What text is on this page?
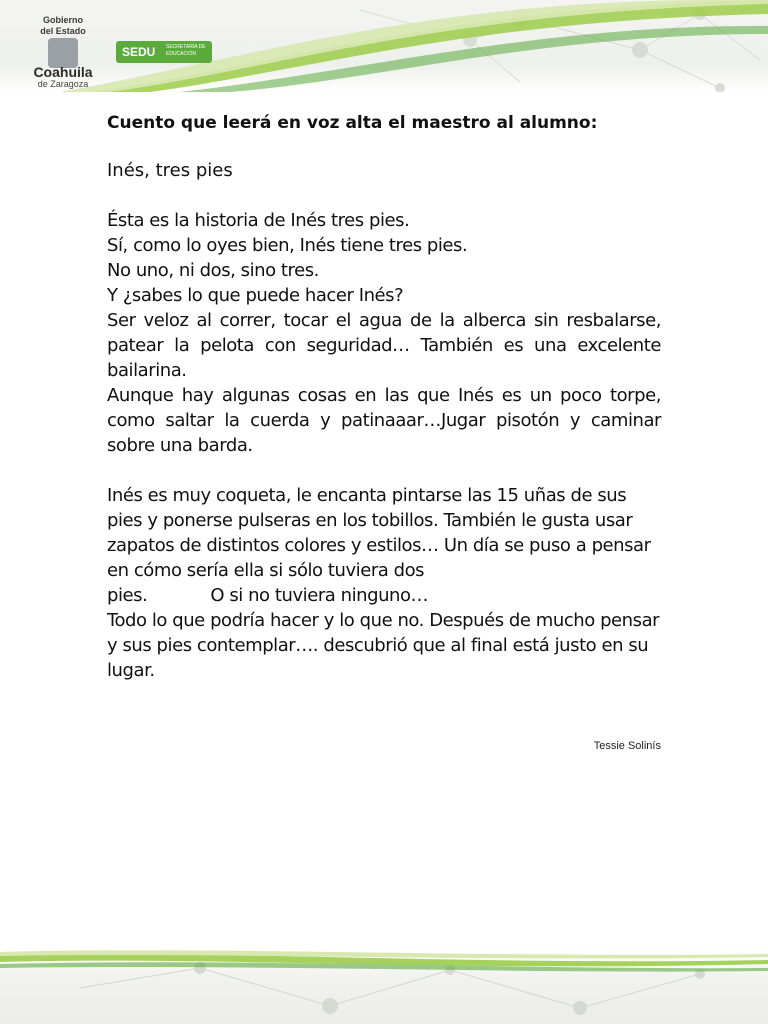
Gobierno
del Estado
Coahuila
de Zaragoza
SEDU SECRETARÍA DE EDUCACIÓN

Cuento que leerá en voz alta el maestro al alumno:

Inés, tres pies

Ésta es la historia de Inés tres pies.

Sí, como lo oyes bien, Inés tiene tres pies.

No uno, ni dos, sino tres.

Y ¿sabes lo que puede hacer Inés?

Ser veloz al correr, tocar el agua de la alberca sin resbalarse, patear la pelota con seguridad… También es una excelente bailarina.

Aunque hay algunas cosas en las que Inés es un poco torpe, como saltar la cuerda y patinaaar…Jugar pisotón y caminar sobre una barda.

Inés es muy coqueta, le encanta pintarse las 15 uñas de sus pies y ponerse pulseras en los tobillos. También le gusta usar zapatos de distintos colores y estilos… Un día se puso a pensar en cómo sería ella si sólo tuviera dos

pies.	O si no tuviera ninguno…

Todo lo que podría hacer y lo que no. Después de mucho pensar y sus pies contemplar…. descubrió que al final está justo en su lugar.

Tessie Solinís
